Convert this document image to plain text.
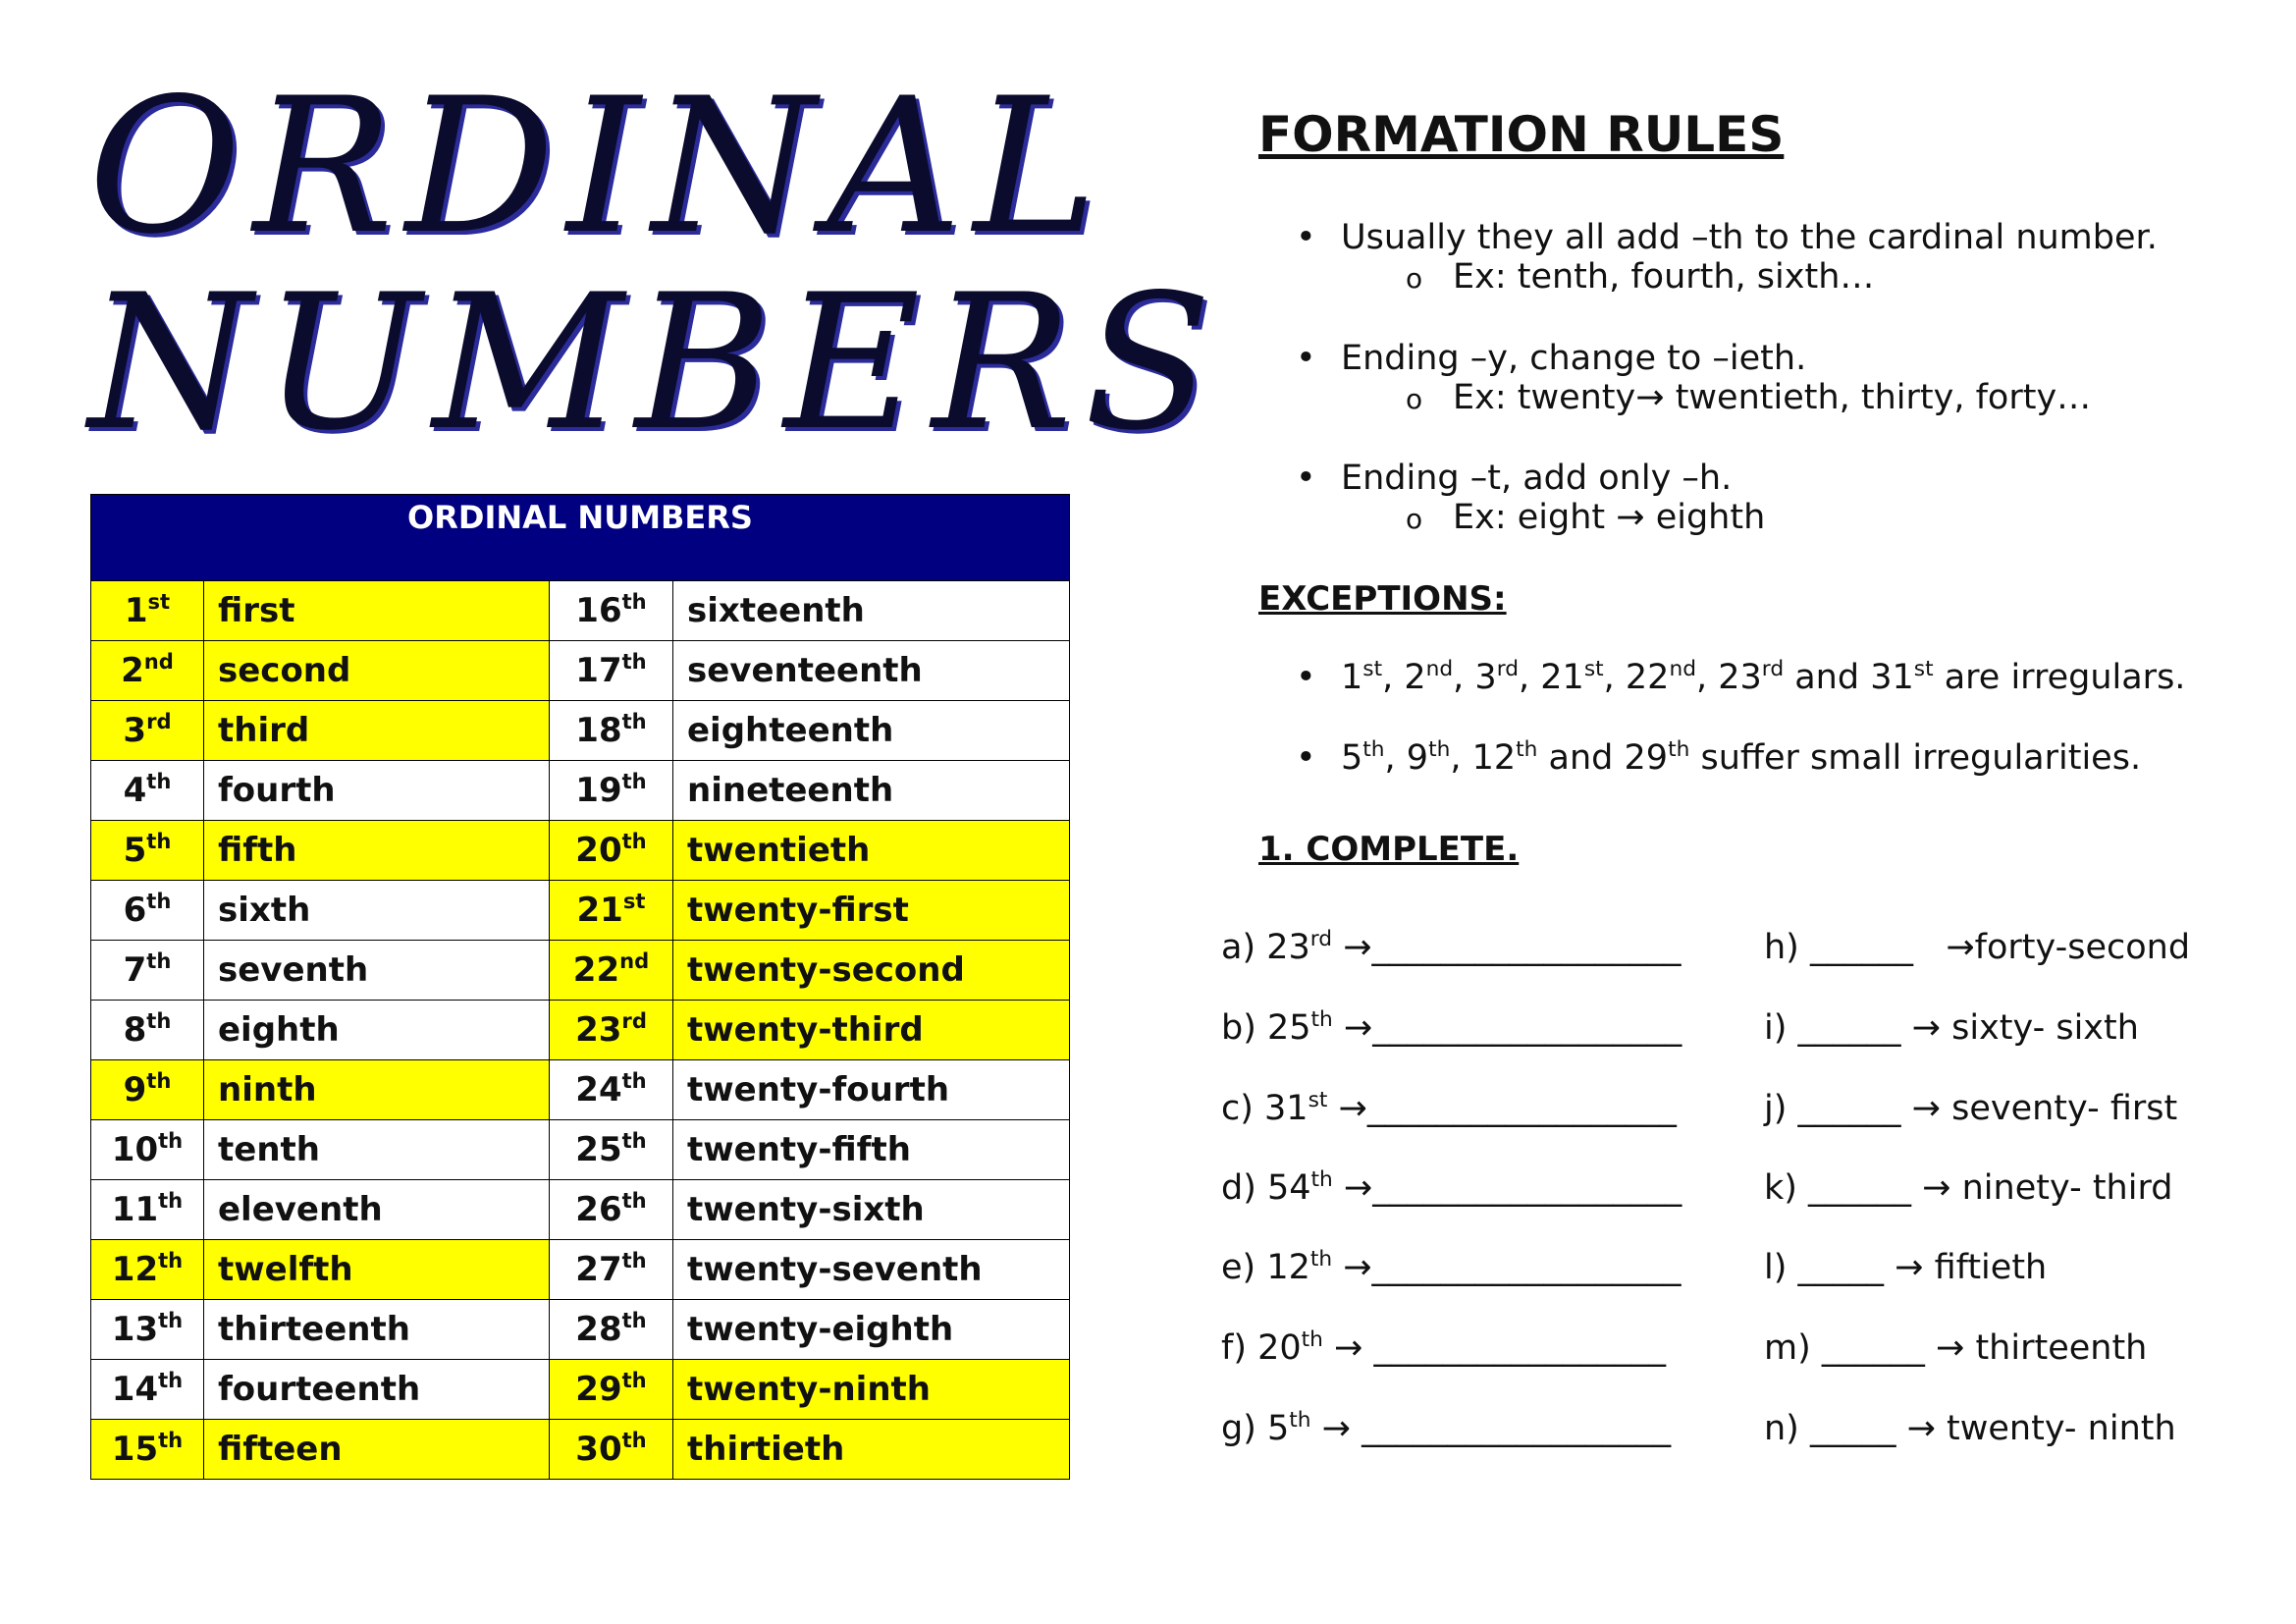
ORDINAL
NUMBERS
ORDINAL NUMBERS			
1st	first	16th	sixteenth
2nd	second	17th	seventeenth
3rd	third	18th	eighteenth
4th	fourth	19th	nineteenth
5th	fifth	20th	twentieth
6th	sixth	21st	twenty-first
7th	seventh	22nd	twenty-second
8th	eighth	23rd	twenty-third
9th	ninth	24th	twenty-fourth
10th	tenth	25th	twenty-fifth
11th	eleventh	26th	twenty-sixth
12th	twelfth	27th	twenty-seventh
13th	thirteenth	28th	twenty-eighth
14th	fourteenth	29th	twenty-ninth
15th	fifteen	30th	thirtieth
FORMATION RULES
• Usually they all add –th to the cardinal number.
o Ex: tenth, fourth, sixth…
• Ending –y, change to –ieth.
o Ex: twenty→ twentieth, thirty, forty…
• Ending –t, add only –h.
o Ex: eight → eighth
EXCEPTIONS:
• 1st, 2nd, 3rd, 21st, 22nd, 23rd and 31st are irregulars.
• 5th, 9th, 12th and 29th suffer small irregularities.
1. COMPLETE.
a) 23rd →__________________ h) ______   →forty-second
b) 25th →__________________ i) ______ → sixty- sixth
c) 31st →__________________	j) ______ → seventy- first
d) 54th →__________________ k) ______ → ninety- third
e) 12th →__________________ l) _____ → fiftieth
f) 20th → _________________	m) ______ → thirteenth
g) 5th → __________________	n) _____ → twenty- ninth
